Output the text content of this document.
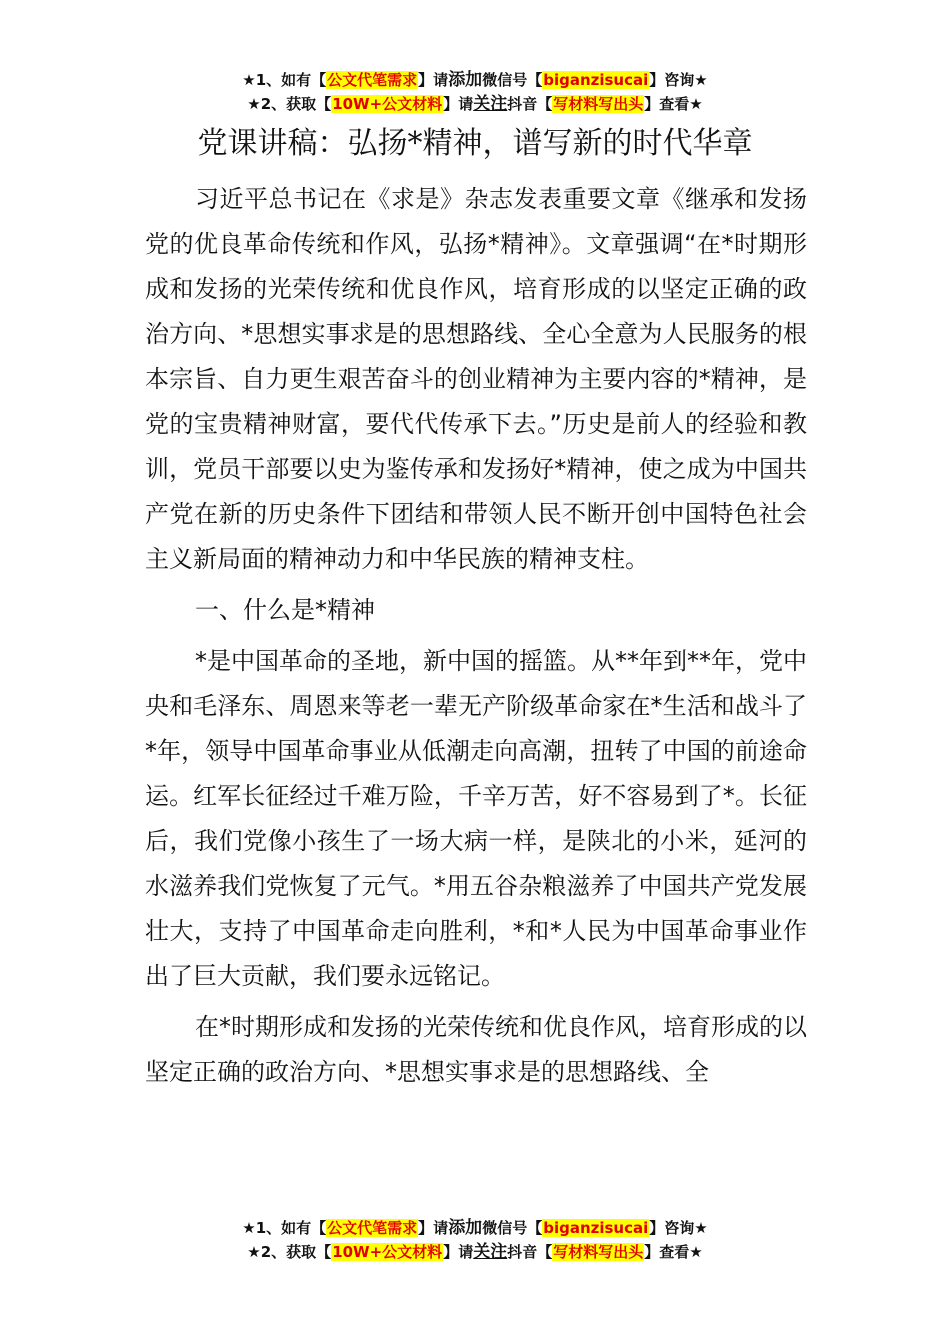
★1、如有【公文代笔需求】请添加微信号【biganzisucai】咨询★
★2、获取【10W+公文材料】请关注抖音【写材料写出头】查看★
党课讲稿：弘扬*精神，谱写新的时代华章

习近平总书记在《求是》杂志发表重要文章《继承和发扬党的优良革命传统和作风，弘扬*精神》。文章强调“在*时期形成和发扬的光荣传统和优良作风，培育形成的以坚定正确的政治方向、*思想实事求是的思想路线、全心全意为人民服务的根本宗旨、自力更生艰苦奋斗的创业精神为主要内容的*精神，是党的宝贵精神财富，要代代传承下去。”历史是前人的经验和教训，党员干部要以史为鉴传承和发扬好*精神，使之成为中国共产党在新的历史条件下团结和带领人民不断开创中国特色社会主义新局面的精神动力和中华民族的精神支柱。

一、什么是*精神

*是中国革命的圣地，新中国的摇篮。从**年到**年，党中央和毛泽东、周恩来等老一辈无产阶级革命家在*生活和战斗了*年，领导中国革命事业从低潮走向高潮，扭转了中国的前途命运。红军长征经过千难万险，千辛万苦，好不容易到了*。长征后，我们党像小孩生了一场大病一样，是陕北的小米，延河的水滋养我们党恢复了元气。*用五谷杂粮滋养了中国共产党发展壮大，支持了中国革命走向胜利，*和*人民为中国革命事业作出了巨大贡献，我们要永远铭记。

在*时期形成和发扬的光荣传统和优良作风，培育形成的以坚定正确的政治方向、*思想实事求是的思想路线、全

★1、如有【公文代笔需求】请添加微信号【biganzisucai】咨询★
★2、获取【10W+公文材料】请关注抖音【写材料写出头】查看★
